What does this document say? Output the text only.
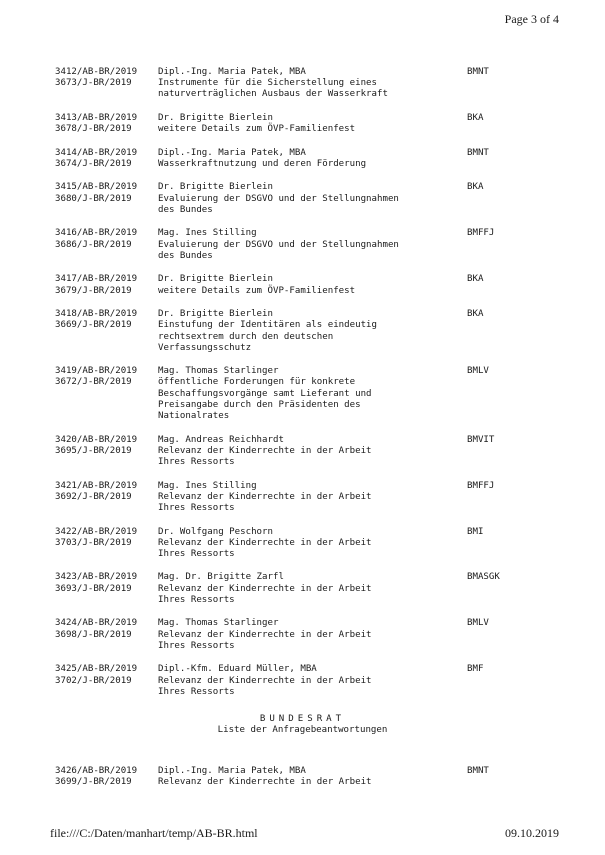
Page 3 of 4
3412/AB-BR/2019
3673/J-BR/2019
Dipl.-Ing. Maria Patek, MBA
Instrumente für die Sicherstellung eines
naturverträglichen Ausbaus der Wasserkraft
BMNT
3413/AB-BR/2019
3678/J-BR/2019
Dr. Brigitte Bierlein
weitere Details zum ÖVP-Familienfest
BKA
3414/AB-BR/2019
3674/J-BR/2019
Dipl.-Ing. Maria Patek, MBA
Wasserkraftnutzung und deren Förderung
BMNT
3415/AB-BR/2019
3680/J-BR/2019
Dr. Brigitte Bierlein
Evaluierung der DSGVO und der Stellungnahmen
des Bundes
BKA
3416/AB-BR/2019
3686/J-BR/2019
Mag. Ines Stilling
Evaluierung der DSGVO und der Stellungnahmen
des Bundes
BMFFJ
3417/AB-BR/2019
3679/J-BR/2019
Dr. Brigitte Bierlein
weitere Details zum ÖVP-Familienfest
BKA
3418/AB-BR/2019
3669/J-BR/2019
Dr. Brigitte Bierlein
Einstufung der Identitären als eindeutig
rechtsextrem durch den deutschen
Verfassungsschutz
BKA
3419/AB-BR/2019
3672/J-BR/2019
Mag. Thomas Starlinger
öffentliche Forderungen für konkrete
Beschaffungsvorgänge samt Lieferant und
Preisangabe durch den Präsidenten des
Nationalrates
BMLV
3420/AB-BR/2019
3695/J-BR/2019
Mag. Andreas Reichhardt
Relevanz der Kinderrechte in der Arbeit
Ihres Ressorts
BMVIT
3421/AB-BR/2019
3692/J-BR/2019
Mag. Ines Stilling
Relevanz der Kinderrechte in der Arbeit
Ihres Ressorts
BMFFJ
3422/AB-BR/2019
3703/J-BR/2019
Dr. Wolfgang Peschorn
Relevanz der Kinderrechte in der Arbeit
Ihres Ressorts
BMI
3423/AB-BR/2019
3693/J-BR/2019
Mag. Dr. Brigitte Zarfl
Relevanz der Kinderrechte in der Arbeit
Ihres Ressorts
BMASGK
3424/AB-BR/2019
3698/J-BR/2019
Mag. Thomas Starlinger
Relevanz der Kinderrechte in der Arbeit
Ihres Ressorts
BMLV
3425/AB-BR/2019
3702/J-BR/2019
Dipl.-Kfm. Eduard Müller, MBA
Relevanz der Kinderrechte in der Arbeit
Ihres Ressorts
BMF
BUNDESRAT
Liste der Anfragebeantwortungen
3426/AB-BR/2019
3699/J-BR/2019
Dipl.-Ing. Maria Patek, MBA
Relevanz der Kinderrechte in der Arbeit
BMNT
file:///C:/Daten/manhart/temp/AB-BR.html	09.10.2019
